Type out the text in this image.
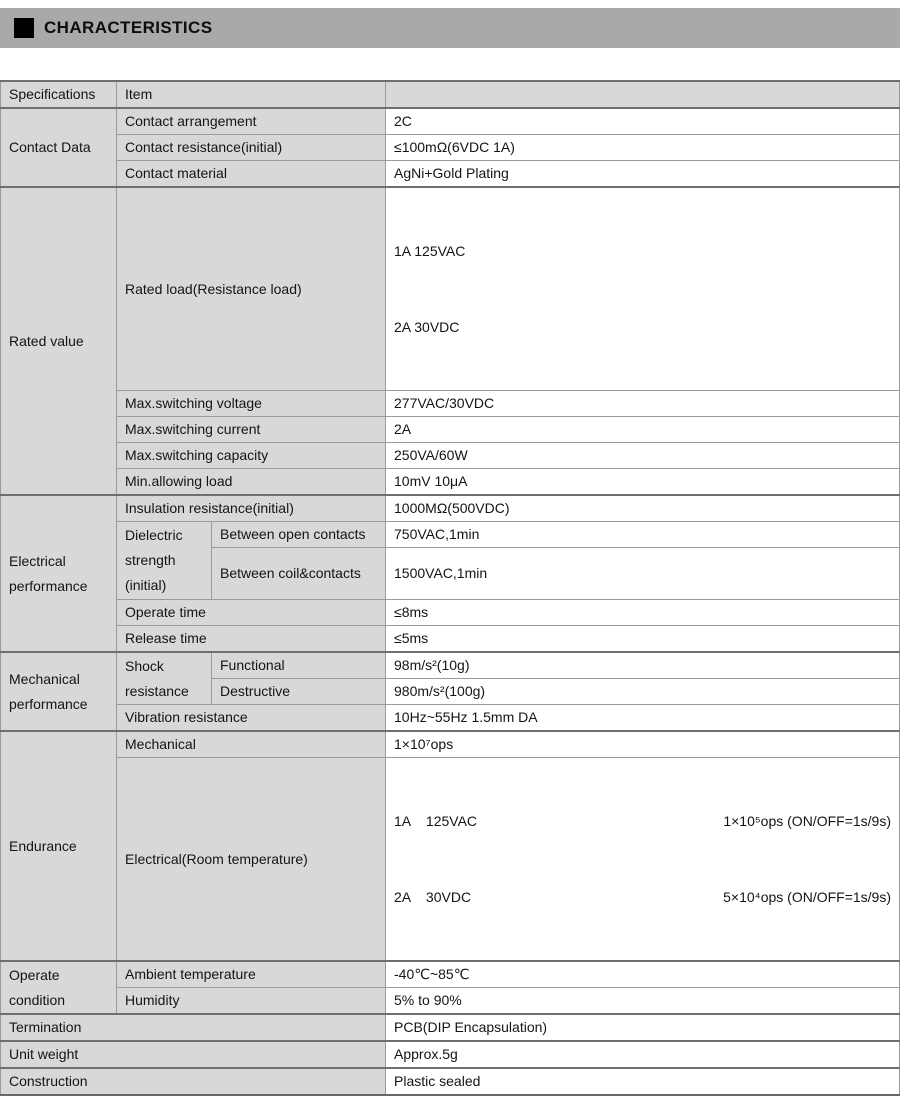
CHARACTERISTICS
Specifications	Item		
Contact Data	Contact arrangement		2C
	Contact resistance(initial)		≤100mΩ(6VDC 1A)
	Contact material		AgNi+Gold Plating
Rated value	Rated load(Resistance load)		1A 125VAC

2A 30VDC

	Max.switching voltage		277VAC/30VDC
	Max.switching current		2A
	Max.switching capacity		250VA/60W
	Min.allowing load		10mV 10μA
Electrical performance	Insulation resistance(initial)		1000MΩ(500VDC)
	Dielectric strength (initial)	Between open contacts	750VAC,1min
		Between coil&contacts	1500VAC,1min
	Operate time		≤8ms
	Release time		≤5ms
Mechanical performance	Shock resistance	Functional	98m/s²(10g)
		Destructive	980m/s²(100g)
	Vibration resistance		10Hz~55Hz 1.5mm DA
Endurance	Mechanical		1×10⁷ops
	Electrical(Room temperature)		1A    125VAC 1×10⁵ops (ON/OFF=1s/9s)

2A    30VDC 5×10⁴ops (ON/OFF=1s/9s)

Operate condition	Ambient temperature		-40℃~85℃
	Humidity		5% to 90%
Termination			PCB(DIP Encapsulation)
Unit weight			Approx.5g
Construction			Plastic sealed
